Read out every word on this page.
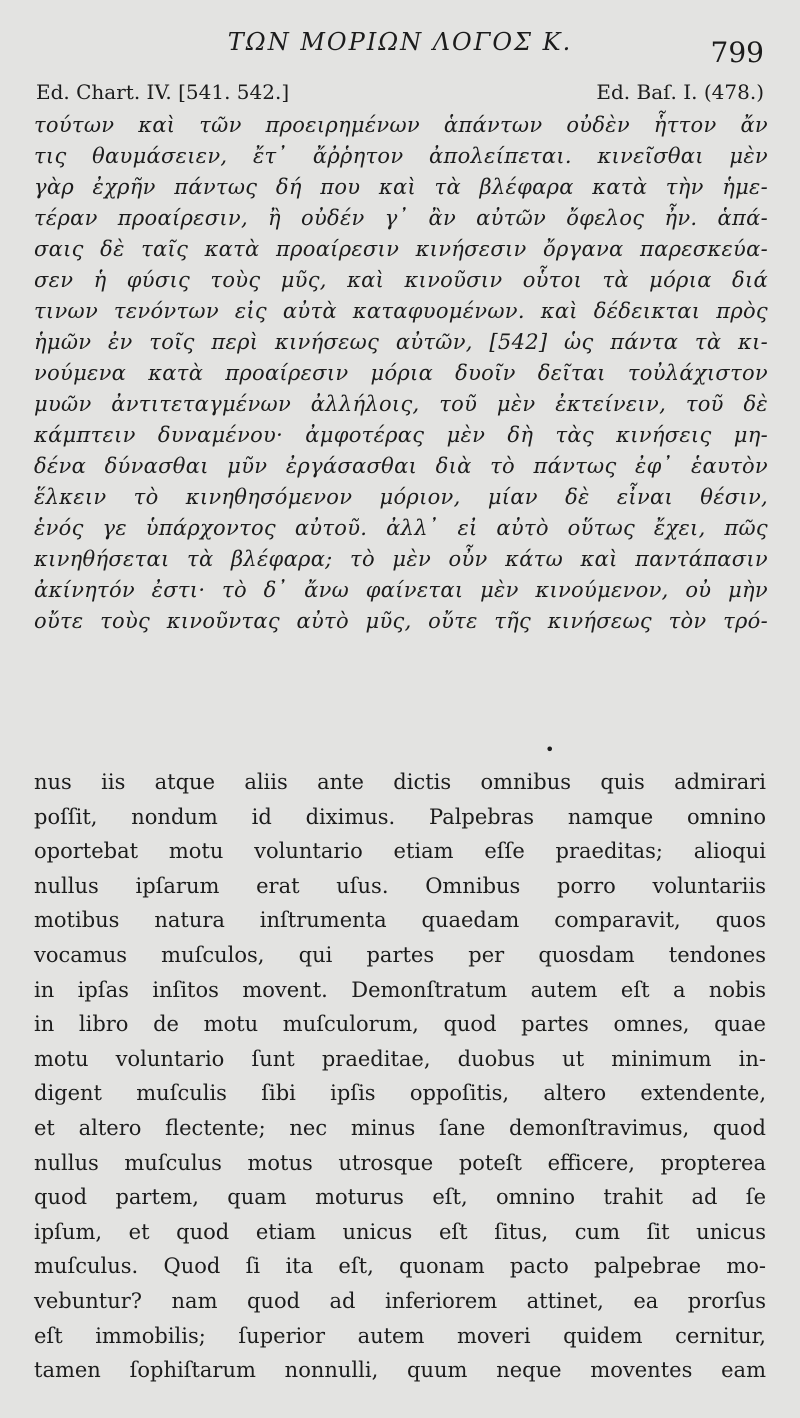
ΤΩΝ ΜΟΡΙΩΝ ΛΟΓΟΣ Κ.	799
Ed. Chart. IV. [541. 542.]	Ed. Baſ. I. (478.)
τούτων καὶ τῶν προειρημένων ἁπάντων οὐδὲν ἧττον ἄν
τις θαυμάσειεν, ἔτ᾽ ἄῤῥητον ἀπολείπεται. κινεῖσθαι μὲν
γὰρ ἐχρῆν πάντως δή που καὶ τὰ βλέφαρα κατὰ τὴν ἡμε-
τέραν προαίρεσιν, ἢ οὐδέν γ᾽ ἂν αὐτῶν ὄφελος ἦν. ἁπά-
σαις δὲ ταῖς κατὰ προαίρεσιν κινήσεσιν ὄργανα παρεσκεύα-
σεν ἡ φύσις τοὺς μῦς, καὶ κινοῦσιν οὗτοι τὰ μόρια διά
τινων τενόντων εἰς αὐτὰ καταφυομένων. καὶ δέδεικται πρὸς
ἡμῶν ἐν τοῖς περὶ κινήσεως αὐτῶν, [542] ὡς πάντα τὰ κι-
νούμενα κατὰ προαίρεσιν μόρια δυοῖν δεῖται τοὐλάχιστον
μυῶν ἀντιτεταγμένων ἀλλήλοις, τοῦ μὲν ἐκτείνειν, τοῦ δὲ
κάμπτειν δυναμένου· ἀμφοτέρας μὲν δὴ τὰς κινήσεις μη-
δένα δύνασθαι μῦν ἐργάσασθαι διὰ τὸ πάντως ἐφ᾽ ἑαυτὸν
ἕλκειν τὸ κινηθησόμενον μόριον, μίαν δὲ εἶναι θέσιν,
ἑνός γε ὑπάρχοντος αὐτοῦ. ἀλλ᾽ εἰ αὐτὸ οὕτως ἔχει, πῶς
κινηθήσεται τὰ βλέφαρα; τὸ μὲν οὖν κάτω καὶ παντάπασιν
ἀκίνητόν ἐστι· τὸ δ᾽ ἄνω φαίνεται μὲν κινούμενον, οὐ μὴν
οὔτε τοὺς κινοῦντας αὐτὸ μῦς, οὔτε τῆς κινήσεως τὸν τρό-
•
nus iis atque aliis ante dictis omnibus quis admirari
poſſit, nondum id diximus. Palpebras namque omnino
oportebat motu voluntario etiam eſſe praeditas; alioqui
nullus ipſarum erat uſus. Omnibus porro voluntariis
motibus natura inſtrumenta quaedam comparavit, quos
vocamus muſculos, qui partes per quosdam tendones
in ipſas inſitos movent. Demonſtratum autem eſt a nobis
in libro de motu muſculorum, quod partes omnes, quae
motu voluntario ſunt praeditae, duobus ut minimum in-
digent muſculis ſibi ipſis oppoſitis, altero extendente,
et altero flectente; nec minus ſane demonſtravimus, quod
nullus muſculus motus utrosque poteſt efficere, propterea
quod partem, quam moturus eſt, omnino trahit ad ſe
ipſum, et quod etiam unicus eſt ſitus, cum ſit unicus
muſculus. Quod ſi ita eſt, quonam pacto palpebrae mo-
vebuntur? nam quod ad inferiorem attinet, ea prorſus
eſt immobilis; ſuperior autem moveri quidem cernitur,
tamen ſophiſtarum nonnulli, quum neque moventes eam
